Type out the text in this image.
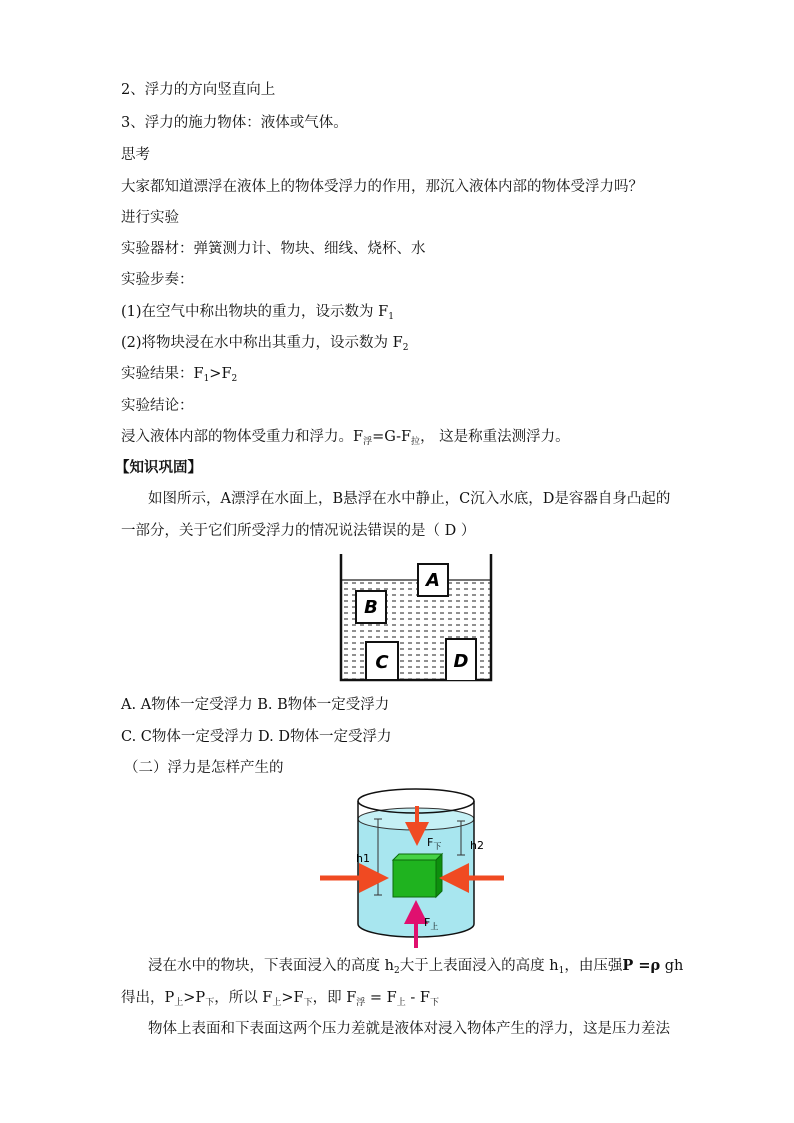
2、浮力的方向竖直向上
3、浮力的施力物体：液体或气体。
思考
大家都知道漂浮在液体上的物体受浮力的作用，那沉入液体内部的物体受浮力吗？
进行实验
实验器材：弹簧测力计、物块、细线、烧杯、水
实验步奏：
(1)在空气中称出物块的重力，设示数为 $F_1$
(2)将物块浸在水中称出其重力，设示数为 $F_2$
实验结果：$F_1>F_2$
实验结论：
浸入液体内部的物体受重力和浮力。$F_浮=G-F_拉$， 这是称重法测浮力。
【知识巩固】
如图所示，A漂浮在水面上，B悬浮在水中静止，C沉入水底，D是容器自身凸起的
一部分，关于它们所受浮力的情况说法错误的是（ D ）
A
B
C	D
A. A物体一定受浮力 B. B物体一定受浮力
C. C物体一定受浮力 D. D物体一定受浮力
（二）浮力是怎样产生的
h1
h2
$F_下$
$F_上$
浸在水中的物块，下表面浸入的高度 $h_2$大于上表面浸入的高度 $h_1$，由压强P =ρ gh
得出，$P_上>P_下$，所以 $F_上>F_下$，即 $F_浮 = F_上 - F_下$
物体上表面和下表面这两个压力差就是液体对浸入物体产生的浮力，这是压力差法
